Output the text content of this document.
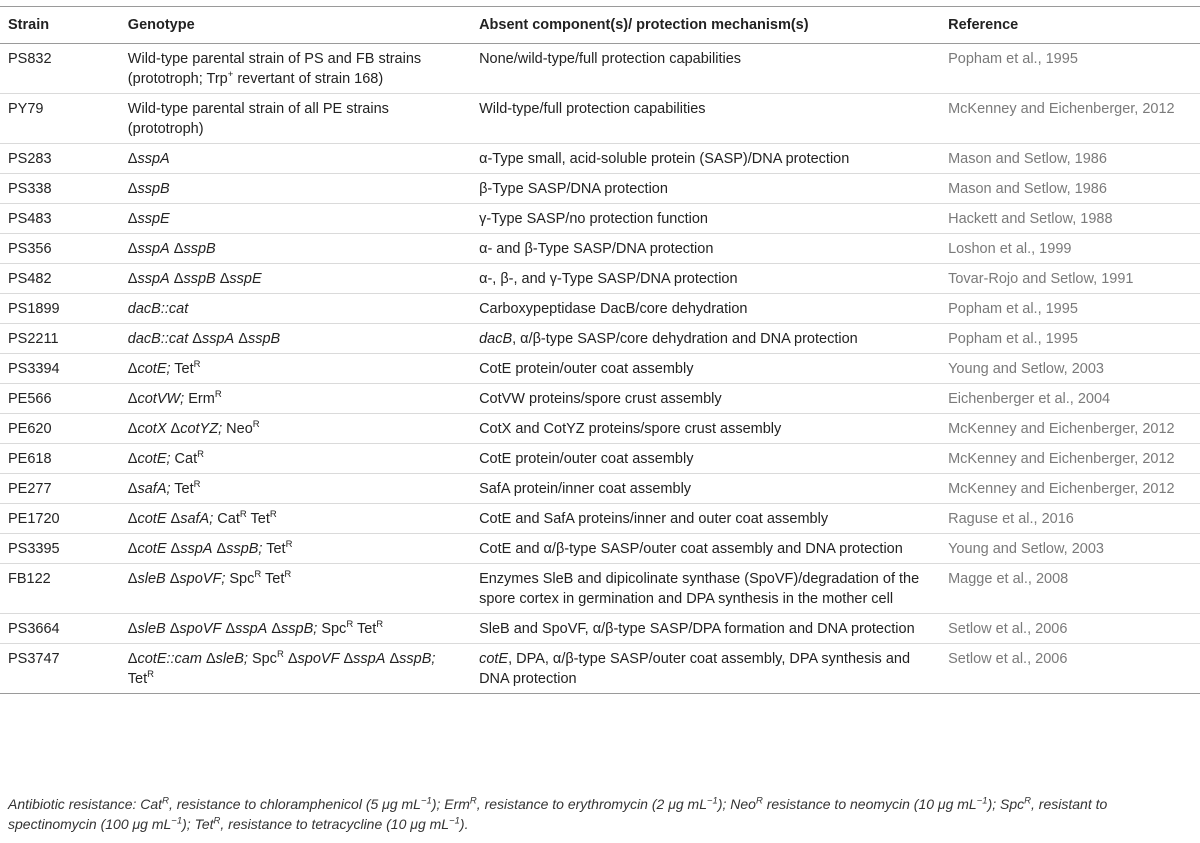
Strain	Genotype	Absent component(s)/ protection mechanism(s)	Reference
PS832	Wild-type parental strain of PS and FB strains (prototroph; Trp+ revertant of strain 168)	None/wild-type/full protection capabilities	Popham et al., 1995
PY79	Wild-type parental strain of all PE strains (prototroph)	Wild-type/full protection capabilities	McKenney and Eichenberger, 2012
PS283	ΔsspA	α-Type small, acid-soluble protein (SASP)/DNA protection	Mason and Setlow, 1986
PS338	ΔsspB	β-Type SASP/DNA protection	Mason and Setlow, 1986
PS483	ΔsspE	γ-Type SASP/no protection function	Hackett and Setlow, 1988
PS356	ΔsspA ΔsspB	α- and β-Type SASP/DNA protection	Loshon et al., 1999
PS482	ΔsspA ΔsspB ΔsspE	α-, β-, and γ-Type SASP/DNA protection	Tovar-Rojo and Setlow, 1991
PS1899	dacB::cat	Carboxypeptidase DacB/core dehydration	Popham et al., 1995
PS2211	dacB::cat ΔsspA ΔsspB	dacB, α/β-type SASP/core dehydration and DNA protection	Popham et al., 1995
PS3394	ΔcotE; Tet$^R$	CotE protein/outer coat assembly	Young and Setlow, 2003
PE566	ΔcotVW; Erm$^R$	CotVW proteins/spore crust assembly	Eichenberger et al., 2004
PE620	ΔcotX ΔcotYZ; Neo$^R$	CotX and CotYZ proteins/spore crust assembly	McKenney and Eichenberger, 2012
PE618	ΔcotE; Cat$^R$	CotE protein/outer coat assembly	McKenney and Eichenberger, 2012
PE277	ΔsafA; Tet$^R$	SafA protein/inner coat assembly	McKenney and Eichenberger, 2012
PE1720	ΔcotE ΔsafA; Cat$^R$ Tet$^R$	CotE and SafA proteins/inner and outer coat assembly	Raguse et al., 2016
PS3395	ΔcotE ΔsspA ΔsspB; Tet$^R$	CotE and α/β-type SASP/outer coat assembly and DNA protection	Young and Setlow, 2003
FB122	ΔsleB ΔspoVF; Spc$^R$ Tet$^R$	Enzymes SleB and dipicolinate synthase (SpoVF)/degradation of the spore cortex in germination and DPA synthesis in the mother cell	Magge et al., 2008
PS3664	ΔsleB ΔspoVF ΔsspA ΔsspB; Spc$^R$ Tet$^R$	SleB and SpoVF, α/β-type SASP/DPA formation and DNA protection	Setlow et al., 2006
PS3747	ΔcotE::cam ΔsleB; Spc$^R$ ΔspoVF ΔsspA ΔsspB; Tet$^R$	cotE, DPA, α/β-type SASP/outer coat assembly, DPA synthesis and DNA protection	Setlow et al., 2006
Antibiotic resistance: Cat$^R$, resistance to chloramphenicol (5 μg $mL^{-1}$); Erm$^R$, resistance to erythromycin (2 μg $mL^{-1}$); Neo$^R$ resistance to neomycin (10 μg $mL^{-1}$); Spc$^R$, resistant to spectinomycin (100 μg $mL^{-1}$); Tet$^R$, resistance to tetracycline (10 μg $mL^{-1}$).
